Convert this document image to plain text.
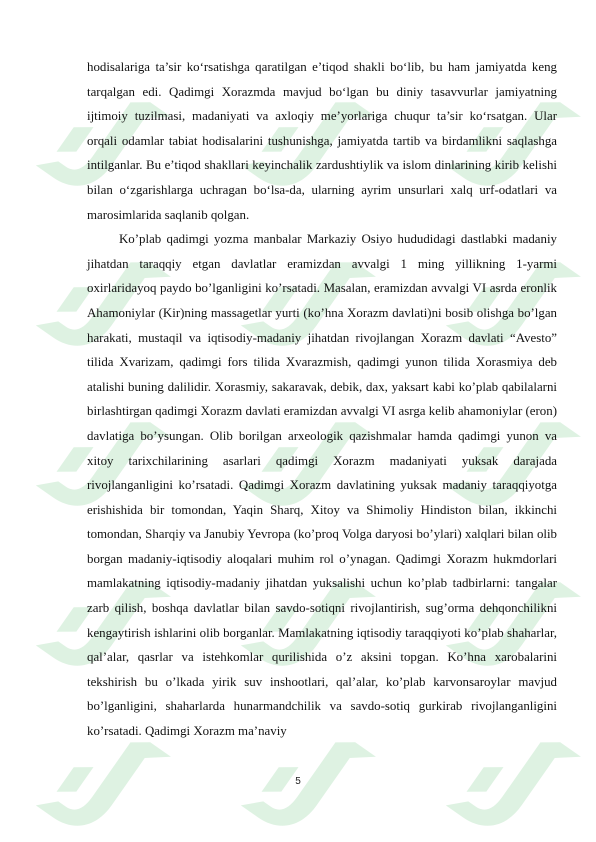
hodisalariga ta’sir ko‘rsatishga qaratilgan e’tiqod shakli bo‘lib, bu ham jamiyatda keng tarqalgan edi. Qadimgi Xorazmda mavjud bo‘lgan bu diniy tasavvurlar jamiyatning ijtimoiy tuzilmasi, madaniyati va axloqiy me’yorlariga chuqur ta’sir ko‘rsatgan. Ular orqali odamlar tabiat hodisalarini tushunishga, jamiyatda tartib va birdamlikni saqlashga intilganlar. Bu e’tiqod shakllari keyinchalik zardushtiylik va islom dinlarining kirib kelishi bilan o‘zgarishlarga uchragan bo‘lsa-da, ularning ayrim unsurlari xalq urf-odatlari va marosimlarida saqlanib qolgan.

Ko’plab qadimgi yozma manbalar Markaziy Osiyo hududidagi dastlabki madaniy jihatdan taraqqiy etgan davlatlar eramizdan avvalgi 1 ming yillikning 1-yarmi oxirlaridayoq paydo bo’lganligini ko’rsatadi. Masalan, eramizdan avvalgi VI asrda eronlik Ahamoniylar (Kir)ning massagetlar yurti (ko’hna Xorazm davlati)ni bosib olishga bo’lgan harakati, mustaqil va iqtisodiy-madaniy jihatdan rivojlangan Xorazm davlati “Avesto” tilida Xvarizam, qadimgi fors tilida Xvarazmish, qadimgi yunon tilida Xorasmiya deb atalishi buning dalilidir. Xorasmiy, sakaravak, debik, dax, yaksart kabi ko’plab qabilalarni birlashtirgan qadimgi Xorazm davlati eramizdan avvalgi VI asrga kelib ahamoniylar (eron) davlatiga bo’ysungan. Olib borilgan arxeologik qazishmalar hamda qadimgi yunon va xitoy tarixchilarining asarlari qadimgi Xorazm madaniyati yuksak darajada rivojlanganligini ko’rsatadi. Qadimgi Xorazm davlatining yuksak madaniy taraqqiyotga erishishida bir tomondan, Yaqin Sharq, Xitoy va Shimoliy Hindiston bilan, ikkinchi tomondan, Sharqiy va Janubiy Yevropa (ko’proq Volga daryosi bo’ylari) xalqlari bilan olib borgan madaniy-iqtisodiy aloqalari muhim rol o’ynagan. Qadimgi Xorazm hukmdorlari mamlakatning iqtisodiy-madaniy jihatdan yuksalishi uchun ko’plab tadbirlarni: tangalar zarb qilish, boshqa davlatlar bilan savdo-sotiqni rivojlantirish, sug’orma dehqonchilikni kengaytirish ishlarini olib borganlar. Mamlakatning iqtisodiy taraqqiyoti ko’plab shaharlar, qal’alar, qasrlar va istehkomlar qurilishida o’z aksini topgan. Ko’hna xarobalarini tekshirish bu o’lkada yirik suv inshootlari, qal’alar, ko’plab karvonsaroylar mavjud bo’lganligini, shaharlarda hunarmandchilik va savdo-sotiq gurkirab rivojlanganligini ko’rsatadi. Qadimgi Xorazm ma’naviy

5
